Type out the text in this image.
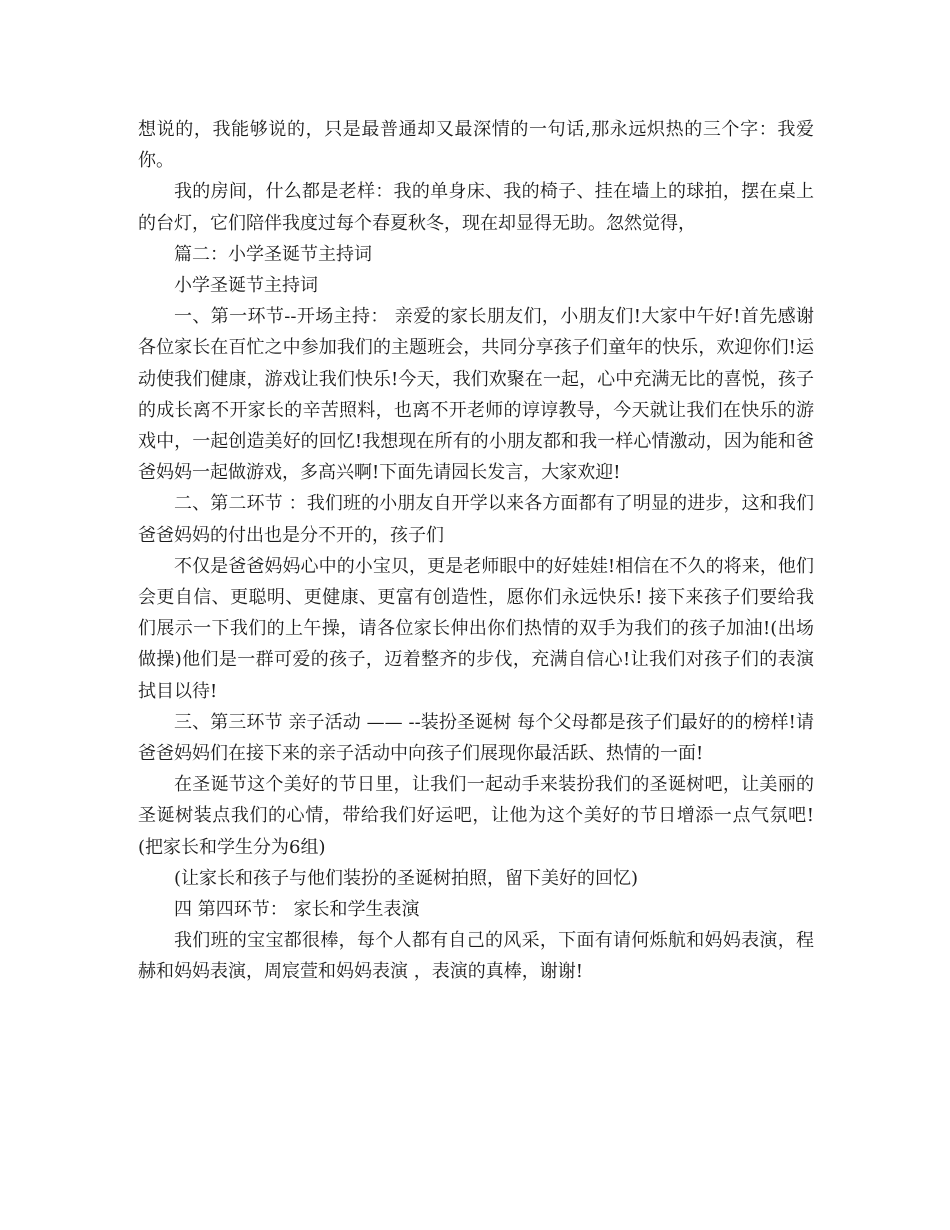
想说的，我能够说的，只是最普通却又最深情的一句话,那永远炽热的三个字：我爱你。

我的房间，什么都是老样：我的单身床、我的椅子、挂在墙上的球拍，摆在桌上的台灯，它们陪伴我度过每个春夏秋冬，现在却显得无助。忽然觉得，

篇二：小学圣诞节主持词

小学圣诞节主持词

一、第一环节--开场主持： 亲爱的家长朋友们，小朋友们!大家中午好!首先感谢各位家长在百忙之中参加我们的主题班会，共同分享孩子们童年的快乐，欢迎你们!运动使我们健康，游戏让我们快乐!今天，我们欢聚在一起，心中充满无比的喜悦，孩子的成长离不开家长的辛苦照料，也离不开老师的谆谆教导，今天就让我们在快乐的游戏中，一起创造美好的回忆!我想现在所有的小朋友都和我一样心情激动，因为能和爸爸妈妈一起做游戏，多高兴啊!下面先请园长发言，大家欢迎!

二、第二环节 ：我们班的小朋友自开学以来各方面都有了明显的进步，这和我们爸爸妈妈的付出也是分不开的，孩子们

不仅是爸爸妈妈心中的小宝贝，更是老师眼中的好娃娃!相信在不久的将来，他们会更自信、更聪明、更健康、更富有创造性，愿你们永远快乐! 接下来孩子们要给我们展示一下我们的上午操，请各位家长伸出你们热情的双手为我们的孩子加油!(出场做操)他们是一群可爱的孩子，迈着整齐的步伐，充满自信心!让我们对孩子们的表演拭目以待!

三、第三环节 亲子活动 —— --装扮圣诞树 每个父母都是孩子们最好的的榜样!请爸爸妈妈们在接下来的亲子活动中向孩子们展现你最活跃、热情的一面!

在圣诞节这个美好的节日里，让我们一起动手来装扮我们的圣诞树吧，让美丽的圣诞树装点我们的心情，带给我们好运吧，让他为这个美好的节日增添一点气氛吧!(把家长和学生分为6组)

(让家长和孩子与他们装扮的圣诞树拍照，留下美好的回忆)

四 第四环节： 家长和学生表演

我们班的宝宝都很棒，每个人都有自己的风采，下面有请何烁航和妈妈表演，程赫和妈妈表演，周宸萱和妈妈表演 ，表演的真棒，谢谢!
